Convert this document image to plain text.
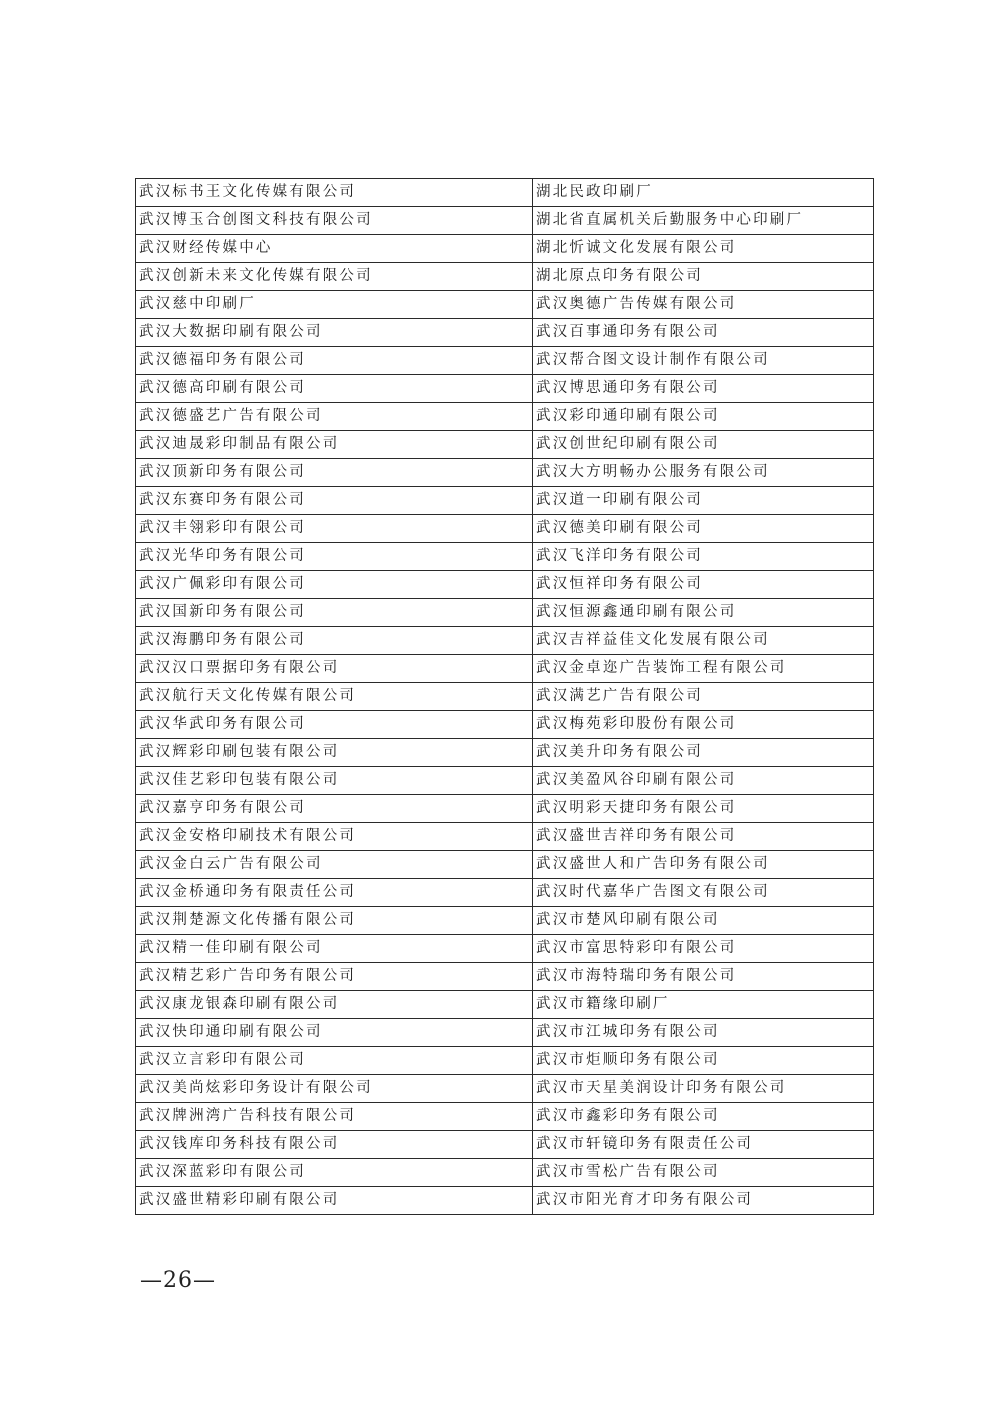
武汉标书王文化传媒有限公司	湖北民政印刷厂
武汉博玉合创图文科技有限公司	湖北省直属机关后勤服务中心印刷厂
武汉财经传媒中心	湖北忻诚文化发展有限公司
武汉创新未来文化传媒有限公司	湖北原点印务有限公司
武汉慈中印刷厂	武汉奥德广告传媒有限公司
武汉大数据印刷有限公司	武汉百事通印务有限公司
武汉德福印务有限公司	武汉帮合图文设计制作有限公司
武汉德高印刷有限公司	武汉博思通印务有限公司
武汉德盛艺广告有限公司	武汉彩印通印刷有限公司
武汉迪晟彩印制品有限公司	武汉创世纪印刷有限公司
武汉顶新印务有限公司	武汉大方明畅办公服务有限公司
武汉东赛印务有限公司	武汉道一印刷有限公司
武汉丰翎彩印有限公司	武汉德美印刷有限公司
武汉光华印务有限公司	武汉飞洋印务有限公司
武汉广佩彩印有限公司	武汉恒祥印务有限公司
武汉国新印务有限公司	武汉恒源鑫通印刷有限公司
武汉海鹏印务有限公司	武汉吉祥益佳文化发展有限公司
武汉汉口票据印务有限公司	武汉金卓迩广告装饰工程有限公司
武汉航行天文化传媒有限公司	武汉满艺广告有限公司
武汉华武印务有限公司	武汉梅苑彩印股份有限公司
武汉辉彩印刷包装有限公司	武汉美升印务有限公司
武汉佳艺彩印包装有限公司	武汉美盈风谷印刷有限公司
武汉嘉亨印务有限公司	武汉明彩天捷印务有限公司
武汉金安格印刷技术有限公司	武汉盛世吉祥印务有限公司
武汉金白云广告有限公司	武汉盛世人和广告印务有限公司
武汉金桥通印务有限责任公司	武汉时代嘉华广告图文有限公司
武汉荆楚源文化传播有限公司	武汉市楚风印刷有限公司
武汉精一佳印刷有限公司	武汉市富思特彩印有限公司
武汉精艺彩广告印务有限公司	武汉市海特瑞印务有限公司
武汉康龙银森印刷有限公司	武汉市籍缘印刷厂
武汉快印通印刷有限公司	武汉市江城印务有限公司
武汉立言彩印有限公司	武汉市炬顺印务有限公司
武汉美尚炫彩印务设计有限公司	武汉市天星美润设计印务有限公司
武汉牌洲湾广告科技有限公司	武汉市鑫彩印务有限公司
武汉钱库印务科技有限公司	武汉市轩镜印务有限责任公司
武汉深蓝彩印有限公司	武汉市雪松广告有限公司
武汉盛世精彩印刷有限公司	武汉市阳光育才印务有限公司
—26—
